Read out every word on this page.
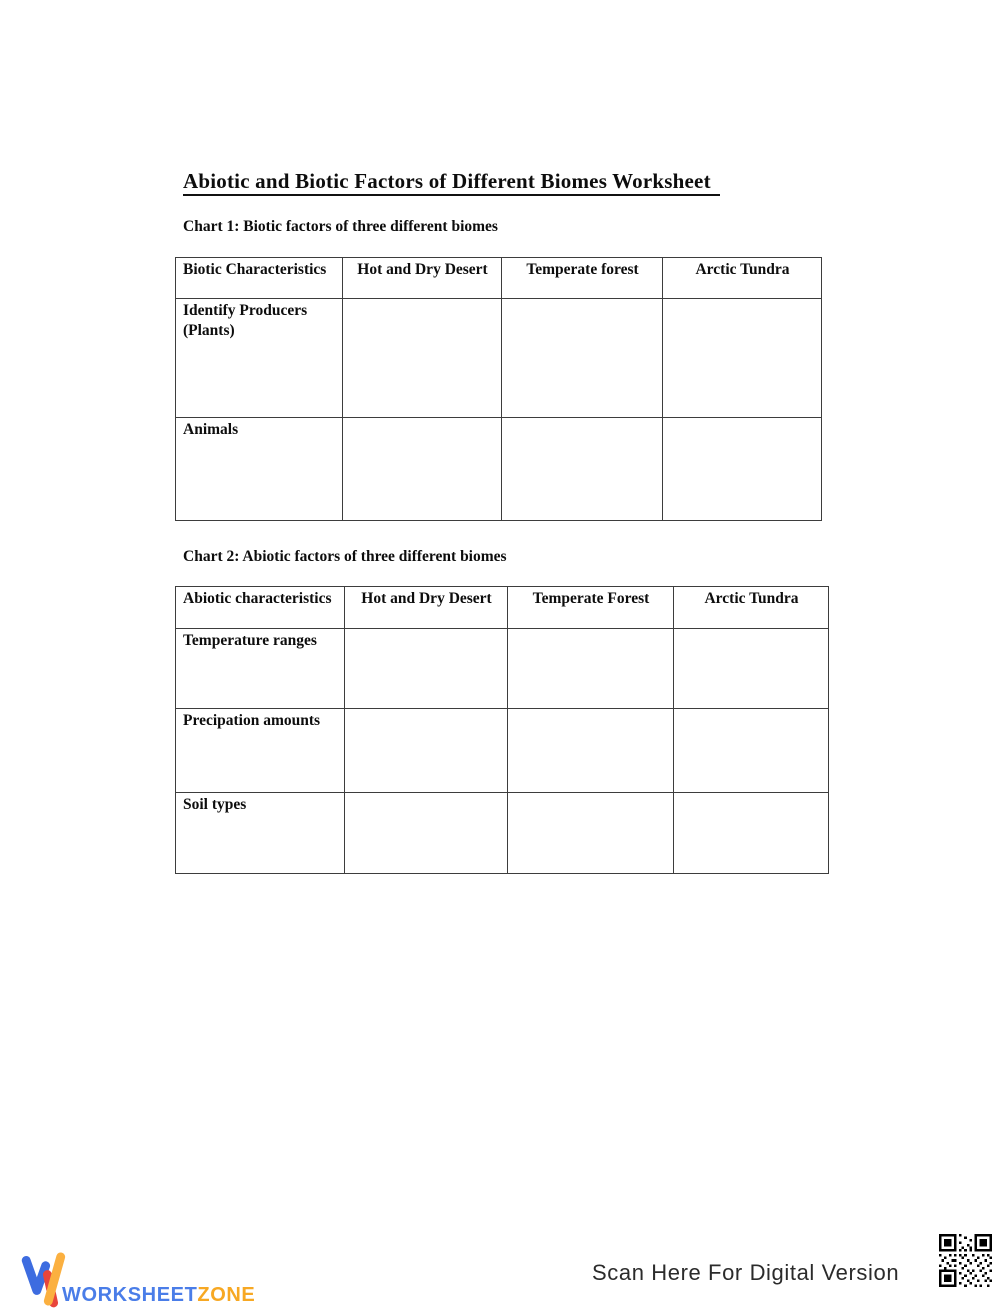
Abiotic and Biotic Factors of Different Biomes Worksheet
Chart 1: Biotic factors of three different biomes
Biotic Characteristics	Hot and Dry Desert	Temperate forest	Arctic Tundra
Identify Producers (Plants)			
Animals			
Chart 2: Abiotic factors of three different biomes
Abiotic characteristics	Hot and Dry Desert	Temperate Forest	Arctic Tundra
Temperature ranges			
Precipation amounts			
Soil types			
WORKSHEETZONE
Scan Here For Digital Version
